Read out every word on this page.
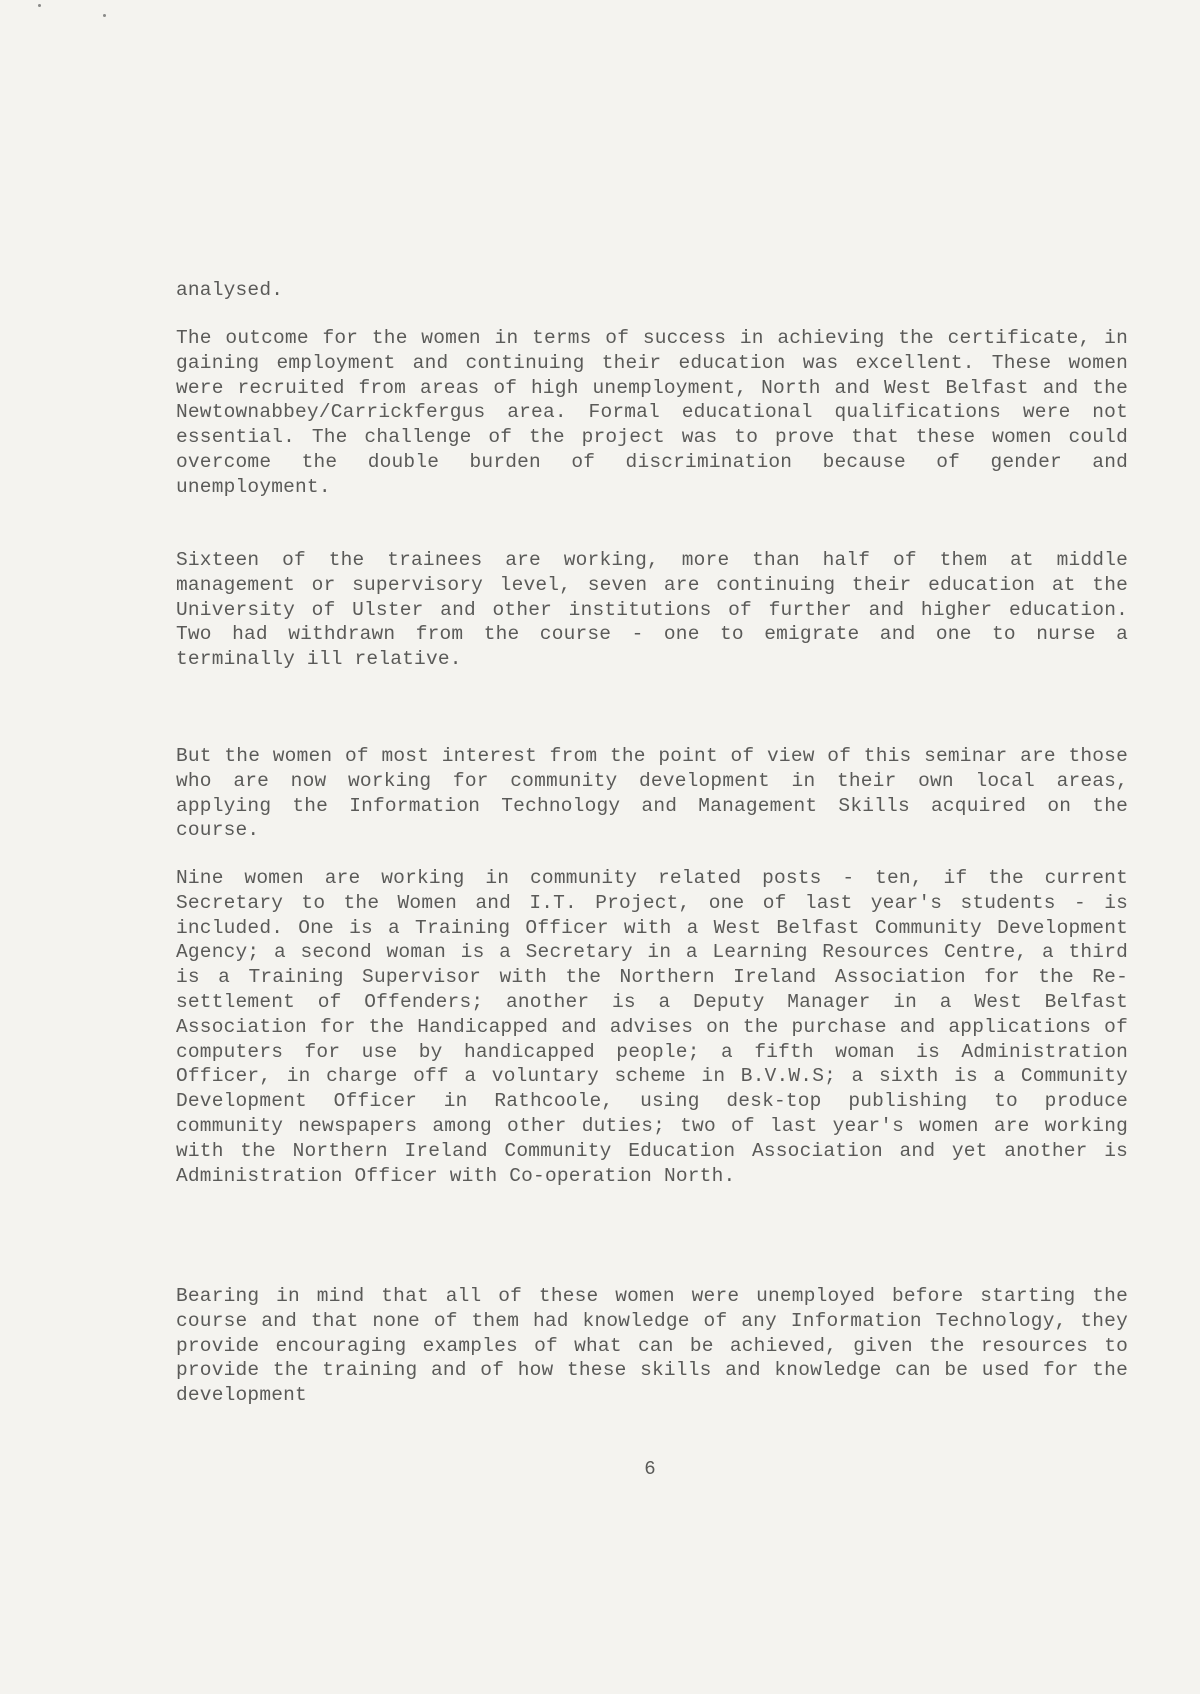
analysed.

The outcome for the women in terms of success in achieving the certificate, in gaining employment and continuing their education was excellent. These women were recruited from areas of high unemployment, North and West Belfast and the Newtownabbey/Carrickfergus area. Formal educational qualifications were not essential. The challenge of the project was to prove that these women could overcome the double burden of discrimination because of gender and unemployment.

Sixteen of the trainees are working, more than half of them at middle management or supervisory level, seven are continuing their education at the University of Ulster and other institutions of further and higher education. Two had withdrawn from the course - one to emigrate and one to nurse a terminally ill relative.

But the women of most interest from the point of view of this seminar are those who are now working for community development in their own local areas, applying the Information Technology and Management Skills acquired on the course.

Nine women are working in community related posts - ten, if the current Secretary to the Women and I.T. Project, one of last year's students - is included. One is a Training Officer with a West Belfast Community Development Agency; a second woman is a Secretary in a Learning Resources Centre, a third is a Training Supervisor with the Northern Ireland Association for the Re-settlement of Offenders; another is a Deputy Manager in a West Belfast Association for the Handicapped and advises on the purchase and applications of computers for use by handicapped people; a fifth woman is Administration Officer, in charge off a voluntary scheme in B.V.W.S; a sixth is a Community Development Officer in Rathcoole, using desk-top publishing to produce community newspapers among other duties; two of last year's women are working with the Northern Ireland Community Education Association and yet another is Administration Officer with Co-operation North.

Bearing in mind that all of these women were unemployed before starting the course and that none of them had knowledge of any Information Technology, they provide encouraging examples of what can be achieved, given the resources to provide the training and of how these skills and knowledge can be used for the development

6
